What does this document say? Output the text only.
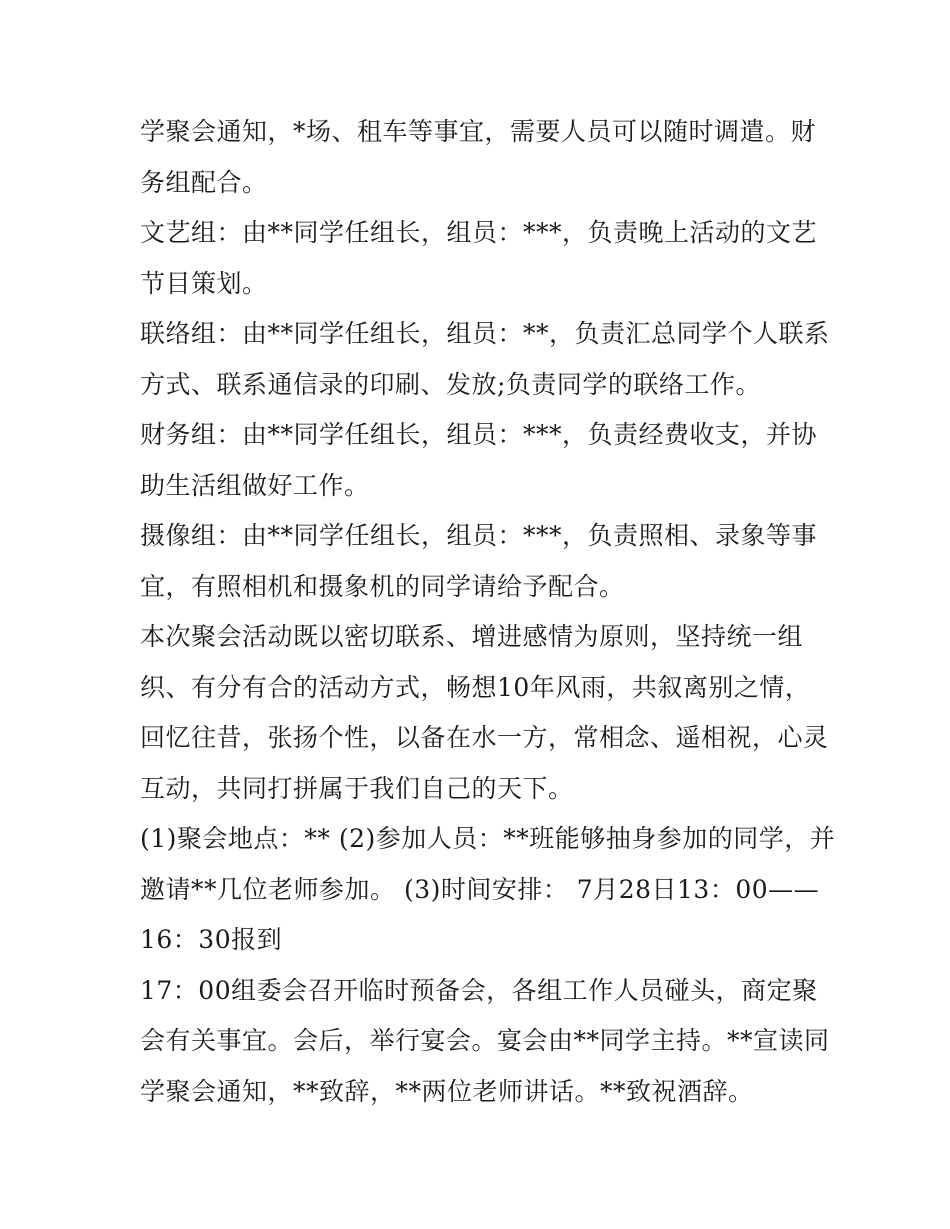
学聚会通知，*场、租车等事宜，需要人员可以随时调遣。财
务组配合。
文艺组：由**同学任组长，组员：***，负责晚上活动的文艺
节目策划。
联络组：由**同学任组长，组员：**，负责汇总同学个人联系
方式、联系通信录的印刷、发放;负责同学的联络工作。
财务组：由**同学任组长，组员：***，负责经费收支，并协
助生活组做好工作。
摄像组：由**同学任组长，组员：***，负责照相、录象等事
宜，有照相机和摄象机的同学请给予配合。
本次聚会活动既以密切联系、增进感情为原则，坚持统一组
织、有分有合的活动方式，畅想10年风雨，共叙离别之情，
回忆往昔，张扬个性，以备在水一方，常相念、遥相祝，心灵
互动，共同打拼属于我们自己的天下。
(1)聚会地点：** (2)参加人员：**班能够抽身参加的同学，并
邀请**几位老师参加。 (3)时间安排： 7月28日13：00——
16：30报到
17：00组委会召开临时预备会，各组工作人员碰头，商定聚
会有关事宜。会后，举行宴会。宴会由**同学主持。**宣读同
学聚会通知，**致辞，**两位老师讲话。**致祝酒辞。
